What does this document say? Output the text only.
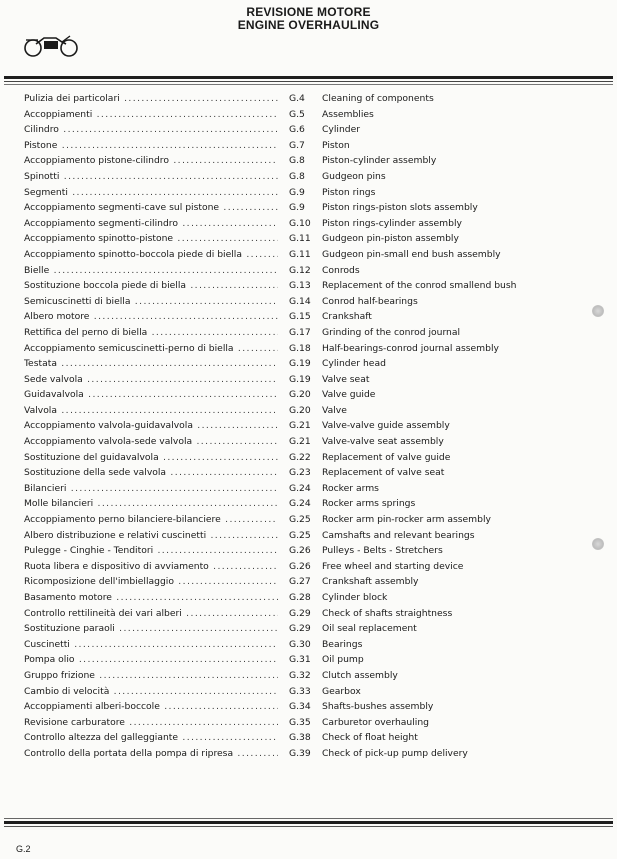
REVISIONE MOTORE
ENGINE OVERHAULING
Pulizia dei particolari .....	G.4	Cleaning of components
Accoppiamenti .....	G.5	Assemblies
Cilindro .....	G.6	Cylinder
Pistone .....	G.7	Piston
Accoppiamento pistone-cilindro .....	G.8	Piston-cylinder assembly
Spinotti .....	G.8	Gudgeon pins
Segmenti .....	G.9	Piston rings
Accoppiamento segmenti-cave sul pistone .....	G.9	Piston rings-piston slots assembly
Accoppiamento segmenti-cilindro .....	G.10	Piston rings-cylinder assembly
Accoppiamento spinotto-pistone .....	G.11	Gudgeon pin-piston assembly
Accoppiamento spinotto-boccola piede di biella .....	G.11	Gudgeon pin-small end bush assembly
Bielle .....	G.12	Conrods
Sostituzione boccola piede di biella .....	G.13	Replacement of the conrod smallend bush
Semicuscinetti di biella .....	G.14	Conrod half-bearings
Albero motore .....	G.15	Crankshaft
Rettifica del perno di biella .....	G.17	Grinding of the conrod journal
Accoppiamento semicuscinetti-perno di biella .....	G.18	Half-bearings-conrod journal assembly
Testata .....	G.19	Cylinder head
Sede valvola .....	G.19	Valve seat
Guidavalvola .....	G.20	Valve guide
Valvola .....	G.20	Valve
Accoppiamento valvola-guidavalvola .....	G.21	Valve-valve guide assembly
Accoppiamento valvola-sede valvola .....	G.21	Valve-valve seat assembly
Sostituzione del guidavalvola .....	G.22	Replacement of valve guide
Sostituzione della sede valvola .....	G.23	Replacement of valve seat
Bilancieri .....	G.24	Rocker arms
Molle bilancieri .....	G.24	Rocker arms springs
Accoppiamento perno bilanciere-bilanciere .....	G.25	Rocker arm pin-rocker arm assembly
Albero distribuzione e relativi cuscinetti .....	G.25	Camshafts and relevant bearings
Pulegge - Cinghie - Tenditori .....	G.26	Pulleys - Belts - Stretchers
Ruota libera e dispositivo di avviamento .....	G.26	Free wheel and starting device
Ricomposizione dell'imbiellaggio .....	G.27	Crankshaft assembly
Basamento motore .....	G.28	Cylinder block
Controllo rettilineità dei vari alberi .....	G.29	Check of shafts straightness
Sostituzione paraoli .....	G.29	Oil seal replacement
Cuscinetti .....	G.30	Bearings
Pompa olio .....	G.31	Oil pump
Gruppo frizione .....	G.32	Clutch assembly
Cambio di velocità .....	G.33	Gearbox
Accoppiamenti alberi-boccole .....	G.34	Shafts-bushes assembly
Revisione carburatore .....	G.35	Carburetor overhauling
Controllo altezza del galleggiante .....	G.38	Check of float height
Controllo della portata della pompa di ripresa .....	G.39	Check of pick-up pump delivery
G.2
